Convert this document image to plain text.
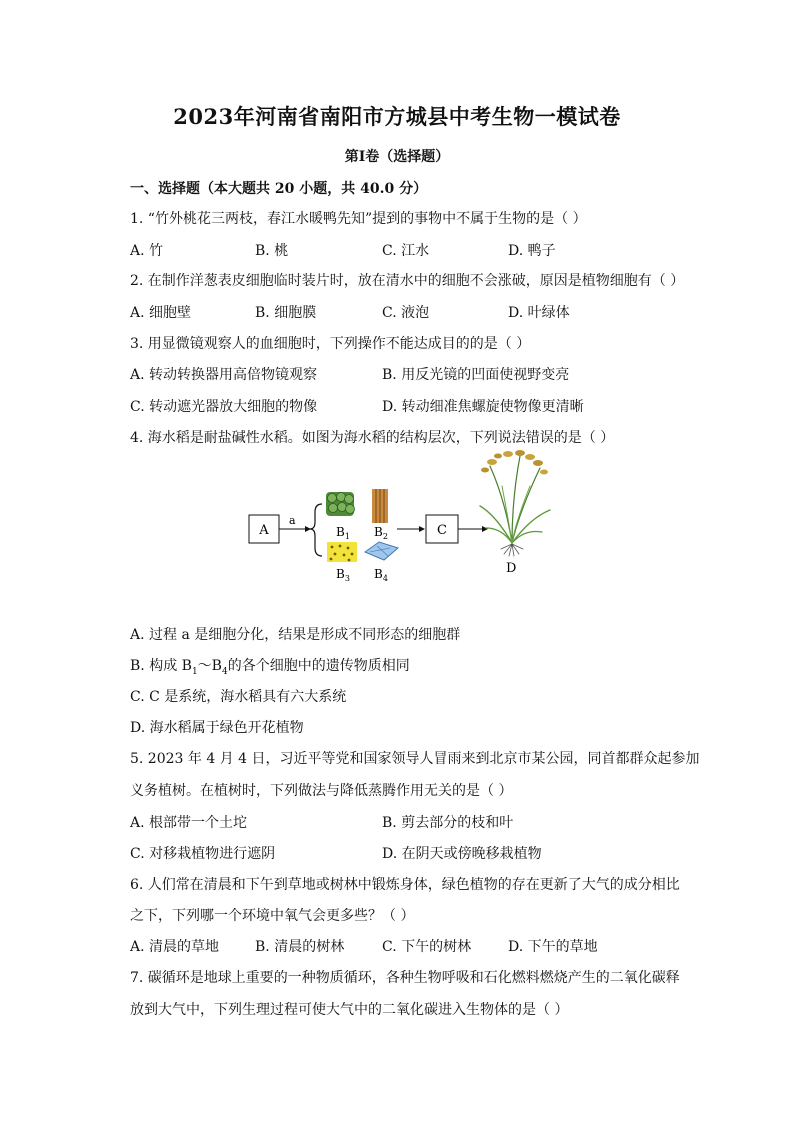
2023年河南省南阳市方城县中考生物一模试卷
第Ⅰ卷（选择题）
一、选择题（本大题共 20 小题，共 40.0 分）
1. “竹外桃花三两枝，春江水暖鸭先知”提到的事物中不属于生物的是（ ）
A. 竹	B. 桃	C. 江水	D. 鸭子
2. 在制作洋葱表皮细胞临时装片时，放在清水中的细胞不会涨破，原因是植物细胞有（ ）
A. 细胞壁	B. 细胞膜	C. 液泡	D. 叶绿体
3. 用显微镜观察人的血细胞时，下列操作不能达成目的的是（ ）
A. 转动转换器用高倍物镜观察	B. 用反光镜的凹面使视野变亮
C. 转动遮光器放大细胞的物像	D. 转动细准焦螺旋使物像更清晰
4. 海水稻是耐盐碱性水稻。如图为海水稻的结构层次，下列说法错误的是（ ）
A
a
$B_1$ $B_2$
$B_3$ $B_4$
C
D
A. 过程 a 是细胞分化，结果是形成不同形态的细胞群
B. 构成 $B_1\sim B_4$的各个细胞中的遗传物质相同
C. C 是系统，海水稻具有六大系统
D. 海水稻属于绿色开花植物
5. 2023 年 4 月 4 日，习近平等党和国家领导人冒雨来到北京市某公园，同首都群众起参加
义务植树。在植树时，下列做法与降低蒸腾作用无关的是（ ）
A. 根部带一个土坨	B. 剪去部分的枝和叶
C. 对移栽植物进行遮阴	D. 在阴天或傍晚移栽植物
6. 人们常在清晨和下午到草地或树林中锻炼身体，绿色植物的存在更新了大气的成分相比
之下，下列哪一个环境中氧气会更多些？（ ）
A. 清晨的草地	B. 清晨的树林	C. 下午的树林	D. 下午的草地
7. 碳循环是地球上重要的一种物质循环，各种生物呼吸和石化燃料燃烧产生的二氧化碳释
放到大气中，下列生理过程可使大气中的二氧化碳进入生物体的是（ ）
